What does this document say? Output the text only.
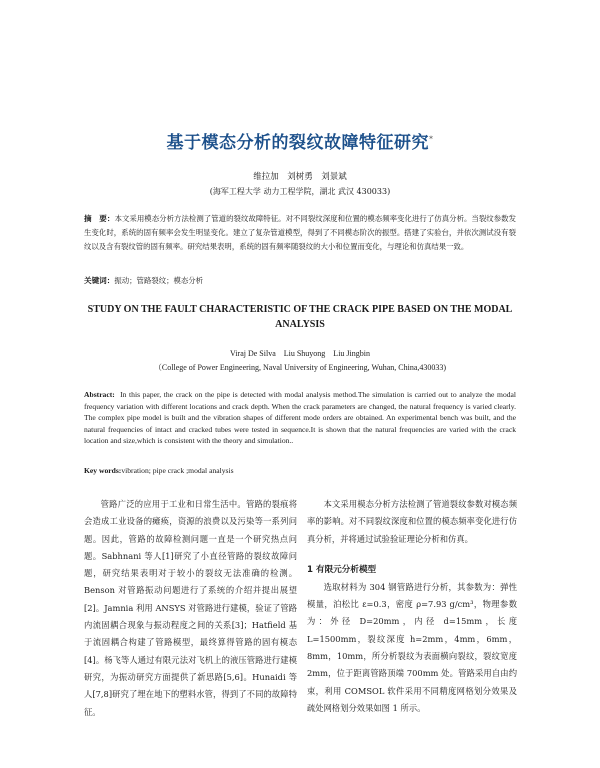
基于模态分析的裂纹故障特征研究*
维拉加　刘树勇　刘景斌
(海军工程大学 动力工程学院，湖北 武汉 430033)
摘　要：本文采用模态分析方法检测了管道的裂纹故障特征。对不同裂纹深度和位置的模态频率变化进行了仿真分析。当裂纹参数发生变化时，系统的固有频率会发生明显变化。建立了复杂管道模型，得到了不同模态阶次的振型。搭建了实验台，并依次测试没有裂纹以及含有裂纹管的固有频率。研究结果表明，系统的固有频率随裂纹的大小和位置而变化，与理论和仿真结果一致。
关键词：振动；管路裂纹；模态分析
STUDY ON THE FAULT CHARACTERISTIC OF THE CRACK PIPE BASED ON THE MODAL ANALYSIS
Viraj De Silva　Liu Shuyong　Liu Jingbin
（College of Power Engineering, Naval University of Engineering, Wuhan, China,430033)
Abstract: In this paper, the crack on the pipe is detected with modal analysis method.The simulation is carried out to analyze the modal frequency variation with different locations and crack depth. When the crack parameters are changed, the natural frequency is varied clearly. The complex pipe model is built and the vibration shapes of different mode orders are obtained. An experimental bench was built, and the natural frequencies of intact and cracked tubes were tested in sequence.It is shown that the natural frequencies are varied with the crack location and size,which is consistent with the theory and simulation..
Key words:vibration; pipe crack ;modal analysis

管路广泛的应用于工业和日常生活中。管路的裂痕将会造成工业设备的瘫痪，资源的浪费以及污染等一系列问题。因此，管路的故障检测问题一直是一个研究热点问题。Sabhnani 等人[1]研究了小直径管路的裂纹故障问题，研究结果表明对于较小的裂纹无法准确的检测。Benson 对管路振动问题进行了系统的介绍并提出展望[2]。Jamnia 利用 ANSYS 对管路进行建模，验证了管路内流固耦合现象与振动程度之间的关系[3]；Hatfield 基于流固耦合构建了管路模型，最终算得管路的固有模态[4]。杨飞等人通过有限元法对飞机上的液压管路进行建模研究，为振动研究方面提供了新思路[5,6]。Hunaidi 等人[7,8]研究了埋在地下的塑料水管，得到了不同的故障特征。

本文采用模态分析方法检测了管道裂纹参数对模态频率的影响。对不同裂纹深度和位置的模态频率变化进行仿真分析，并将通过试验验证理论分析和仿真。

1 有限元分析模型

选取材料为 304 钢管路进行分析，其参数为：弹性模量，泊松比 ε=0.3，密度 ρ=7.93 g/cm³，物理参数为：外径 D=20mm，内径 d=15mm，长度 L=1500mm，裂纹深度 h=2mm，4mm，6mm，8mm，10mm，所分析裂纹为表面横向裂纹，裂纹宽度 2mm，位于距离管路顶端 700mm 处。管路采用自由约束，利用 COMSOL 软件采用不同精度网格划分效果及疏处网格划分效果如图 1 所示。
